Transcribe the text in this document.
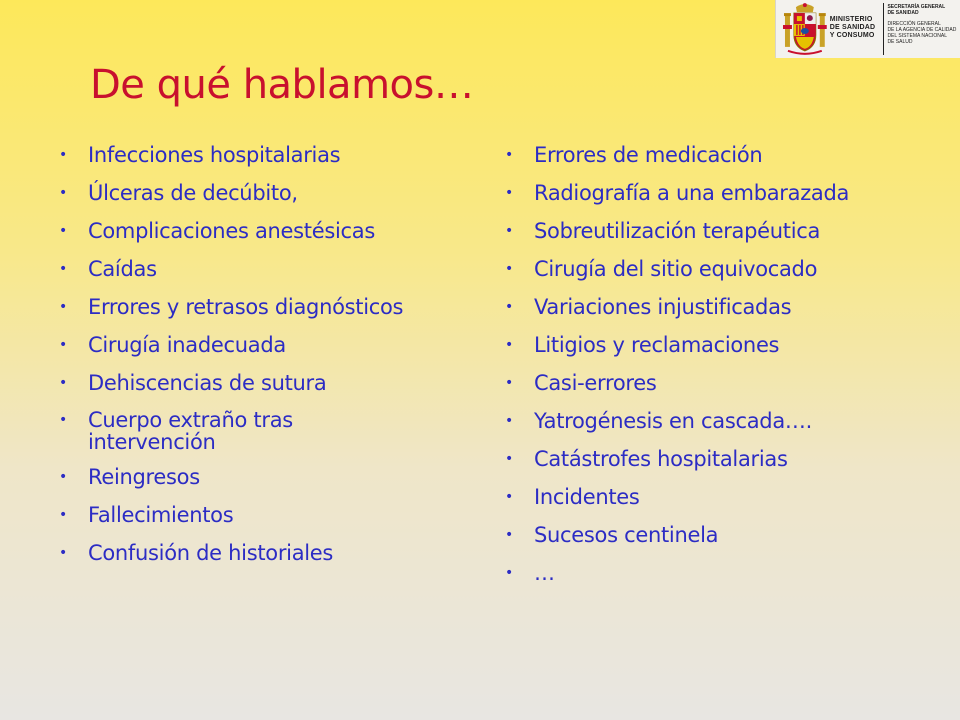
MINISTERIO
DE SANIDAD
Y CONSUMO
SECRETARÍA GENERAL
DE SANIDAD
DIRECCIÓN GENERAL
DE LA AGENCIA DE CALIDAD
DEL SISTEMA NACIONAL
DE SALUD
De qué hablamos…
• Infecciones hospitalarias
• Úlceras de decúbito,
• Complicaciones anestésicas
• Caídas
• Errores y retrasos diagnósticos
• Cirugía inadecuada
• Dehiscencias de sutura
• Cuerpo extraño tras intervención
• Reingresos
• Fallecimientos
• Confusión de historiales
• Errores de medicación
• Radiografía a una embarazada
• Sobreutilización terapéutica
• Cirugía del sitio equivocado
• Variaciones injustificadas
• Litigios y reclamaciones
• Casi-errores
• Yatrogénesis en cascada….
• Catástrofes hospitalarias
• Incidentes
• Sucesos centinela
• …
